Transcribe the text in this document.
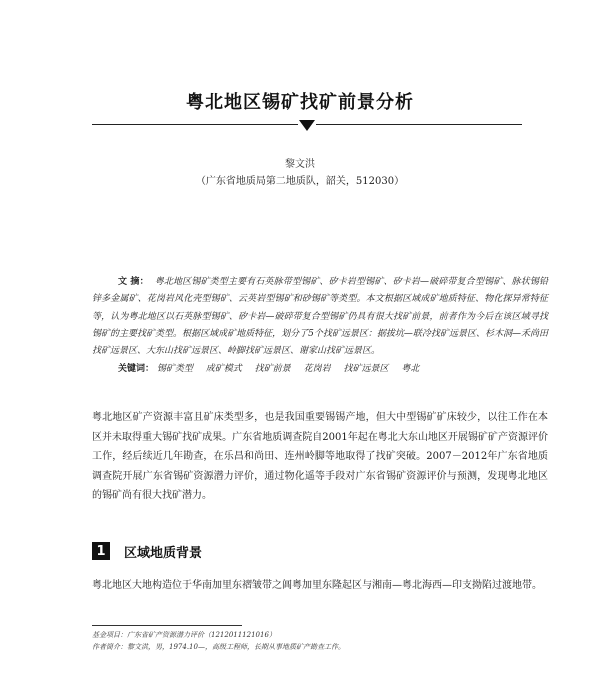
粤北地区锡矿找矿前景分析
黎文洪
（广东省地质局第二地质队，韶关，512030）
文 摘： 粤北地区锡矿类型主要有石英脉带型锡矿、矽卡岩型锡矿、矽卡岩—破碎带复合型锡矿、脉状锡铅锌多金属矿、花岗岩风化壳型锡矿、云英岩型锡矿和砂锡矿等类型。本文根据区域成矿地质特征、物化探异常特征等，认为粤北地区以石英脉型锡矿、矽卡岩—破碎带复合型锡矿仍具有很大找矿前景，前者作为今后在该区域寻找锡矿的主要找矿类型。根据区域成矿地质特征，划分了5个找矿远景区：据拔坑—联冷找矿远景区、杉木洞—禾尚田找矿远景区、大东山找矿远景区、岭脚找矿远景区、谢家山找矿远景区。
关键词： 锡矿类型 成矿模式 找矿前景 花岗岩 找矿远景区 粤北
粤北地区矿产资源丰富且矿床类型多，也是我国重要锡锡产地，但大中型锡矿矿床较少，以往工作在本区并未取得重大锡矿找矿成果。广东省地质调查院自2001年起在粤北大东山地区开展锡矿矿产资源评价工作，经后续近几年勘查，在乐昌和尚田、连州岭脚等地取得了找矿突破。2007－2012年广东省地质调查院开展广东省锡矿资源潜力评价，通过物化遥等手段对广东省锡矿资源评价与预测，发现粤北地区的锡矿尚有很大找矿潜力。
1	区域地质背景
粤北地区大地构造位于华南加里东褶皱带之阊粤加里东隆起区与湘南—粤北海西—印支拗陷过渡地带。
基金项目：广东省矿产资源潜力评价（1212011121016）
作者简介：黎文洪，男，1974.10—，高级工程师，长期从事地质矿产勘查工作。
